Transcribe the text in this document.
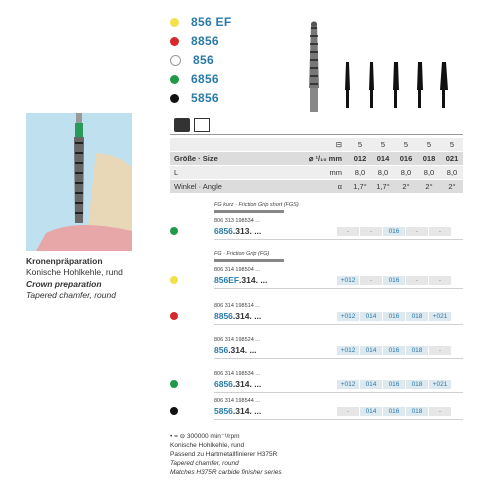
856 EF
8856
856
6856
5856
Kronenpräparation
Konische Hohlkehle, rund
Crown preparation
Tapered chamfer, round
⊟	5	5	5	5	5
Größe · Size	⌀ ¹/₁₀ mm	012	014	016	018	021
L	mm	8,0	8,0	8,0	8,0	8,0
Winkel · Angle	α	1,7°	1,7°	2°	2°	2°
FG kurz · Friction Grip short (FGS)
806 313 198534 ...
6856.313. ...	-	-	016	-	-
FG · Friction Grip (FG)
806 314 198504 ...
856EF.314. ...	+012	-	016	-	-
806 314 198514 ...
8856.314. ...	+012	014	016	018	+021
806 314 198524 ...
856.314. ...	+012	014	016	018	-
806 314 198534 ...
6856.314. ...	+012	014	016	018	+021
806 314 198544 ...
5856.314. ...	-	014	016	018	-
• = ⊖ 300000 min⁻¹/rpm
Konische Hohlkehle, rund
Passend zu Hartmetallfinierer H375R
Tapered chamfer, round
Matches H375R carbide finisher series
